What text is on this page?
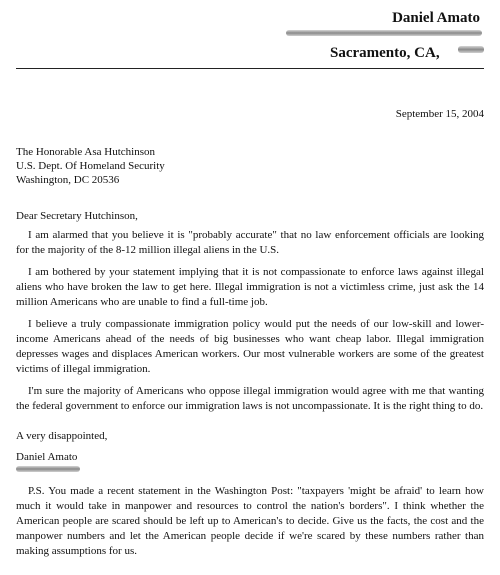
Daniel Amato
Sacramento, CA,
September 15, 2004
The Honorable Asa Hutchinson
U.S. Dept. Of Homeland Security
Washington, DC 20536
Dear Secretary Hutchinson,

I am alarmed that you believe it is "probably accurate" that no law enforcement officials are looking for the majority of the 8-12 million illegal aliens in the U.S.

I am bothered by your statement implying that it is not compassionate to enforce laws against illegal aliens who have broken the law to get here. Illegal immigration is not a victimless crime, just ask the 14 million Americans who are unable to find a full-time job.

I believe a truly compassionate immigration policy would put the needs of our low-skill and lower-income Americans ahead of the needs of big businesses who want cheap labor. Illegal immigration depresses wages and displaces American workers. Our most vulnerable workers are some of the greatest victims of illegal immigration.

I'm sure the majority of Americans who oppose illegal immigration would agree with me that wanting the federal government to enforce our immigration laws is not uncompassionate. It is the right thing to do.

A very disappointed,
Daniel Amato

P.S. You made a recent statement in the Washington Post: "taxpayers 'might be afraid' to learn how much it would take in manpower and resources to control the nation's borders". I think whether the American people are scared should be left up to American's to decide. Give us the facts, the cost and the manpower numbers and let the American people decide if we're scared by these numbers rather than making assumptions for us.
